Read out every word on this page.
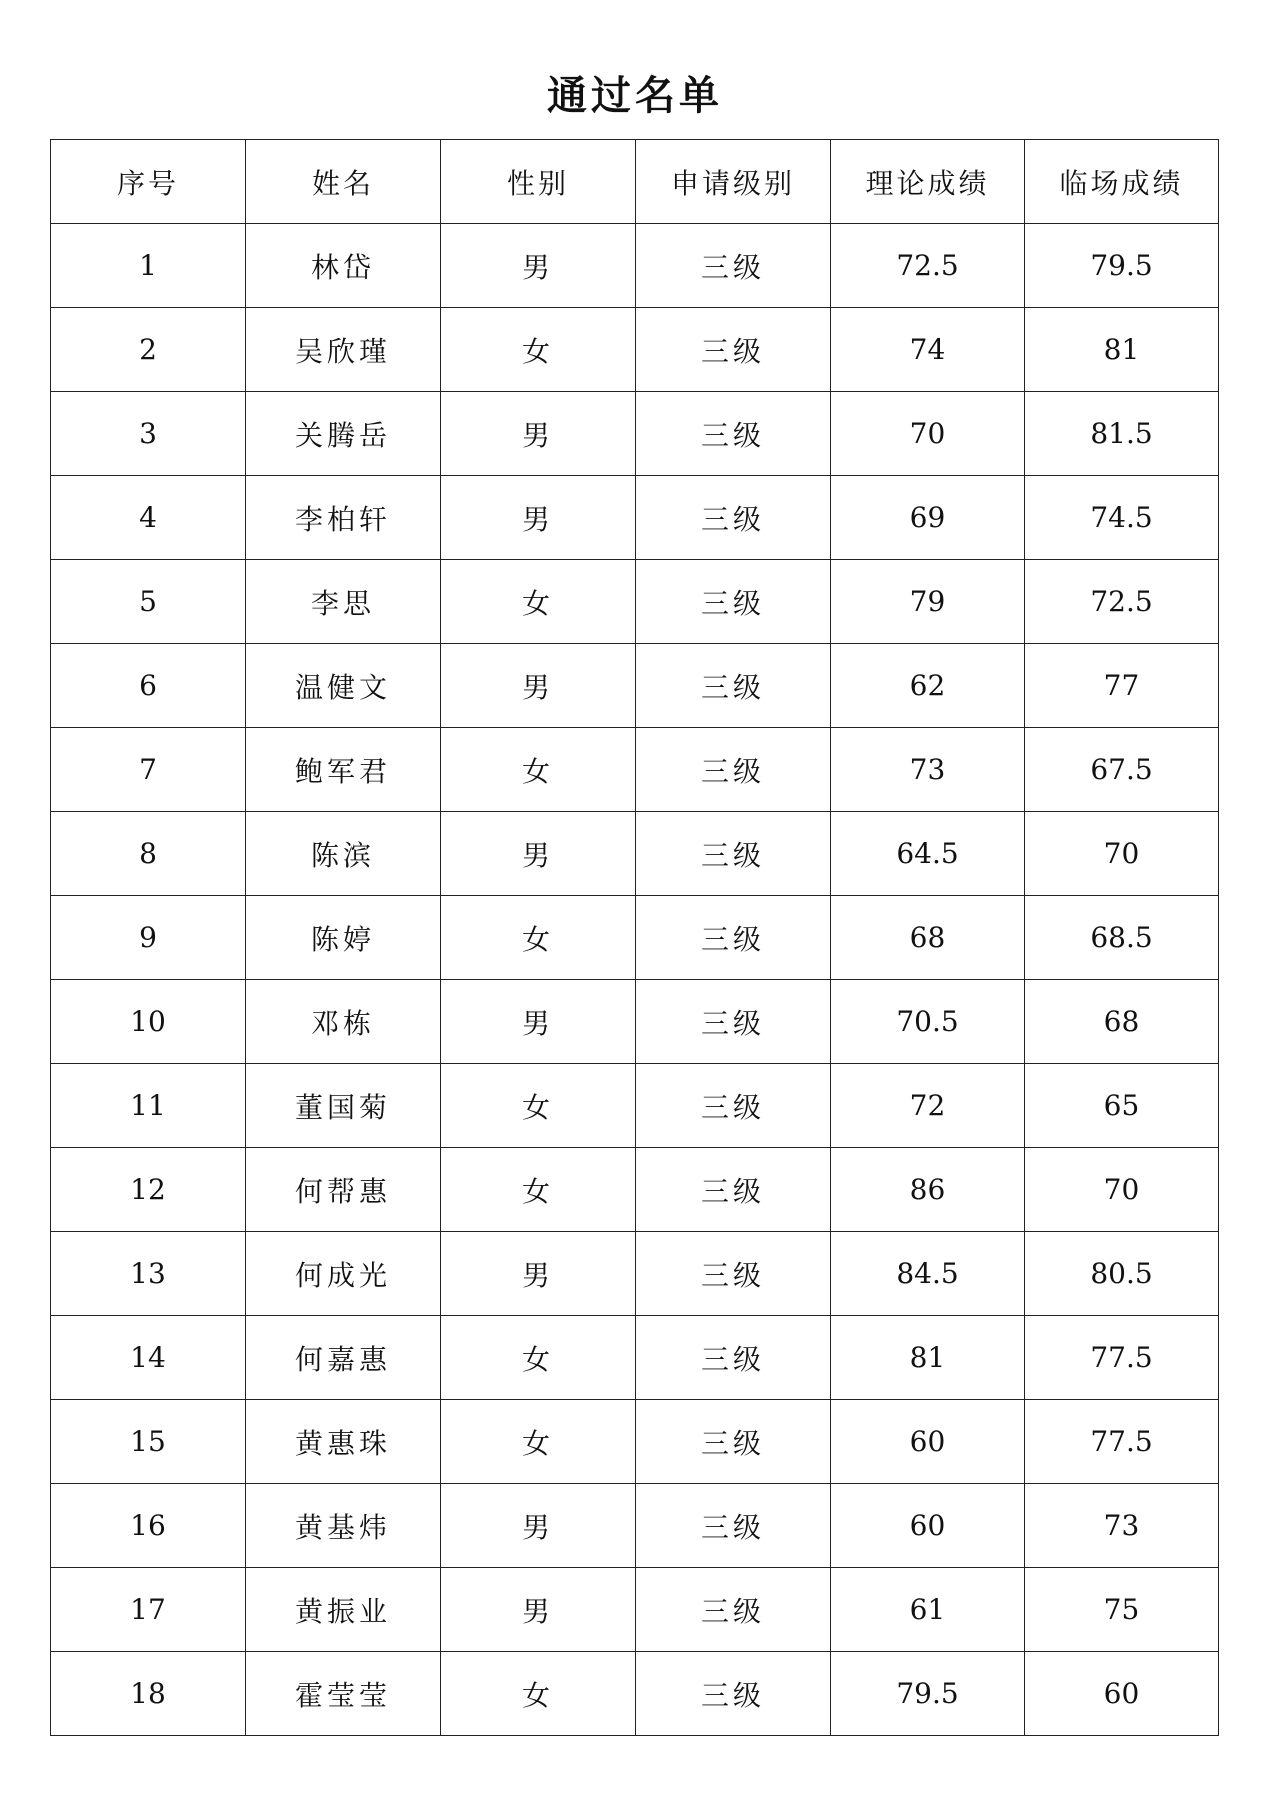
通过名单
序号	姓名	性别	申请级别	理论成绩	临场成绩
1	林岱	男	三级	72.5	79.5
2	吴欣瑾	女	三级	74	81
3	关腾岳	男	三级	70	81.5
4	李柏轩	男	三级	69	74.5
5	李思	女	三级	79	72.5
6	温健文	男	三级	62	77
7	鲍军君	女	三级	73	67.5
8	陈滨	男	三级	64.5	70
9	陈婷	女	三级	68	68.5
10	邓栋	男	三级	70.5	68
11	董国菊	女	三级	72	65
12	何帮惠	女	三级	86	70
13	何成光	男	三级	84.5	80.5
14	何嘉惠	女	三级	81	77.5
15	黄惠珠	女	三级	60	77.5
16	黄基炜	男	三级	60	73
17	黄振业	男	三级	61	75
18	霍莹莹	女	三级	79.5	60
